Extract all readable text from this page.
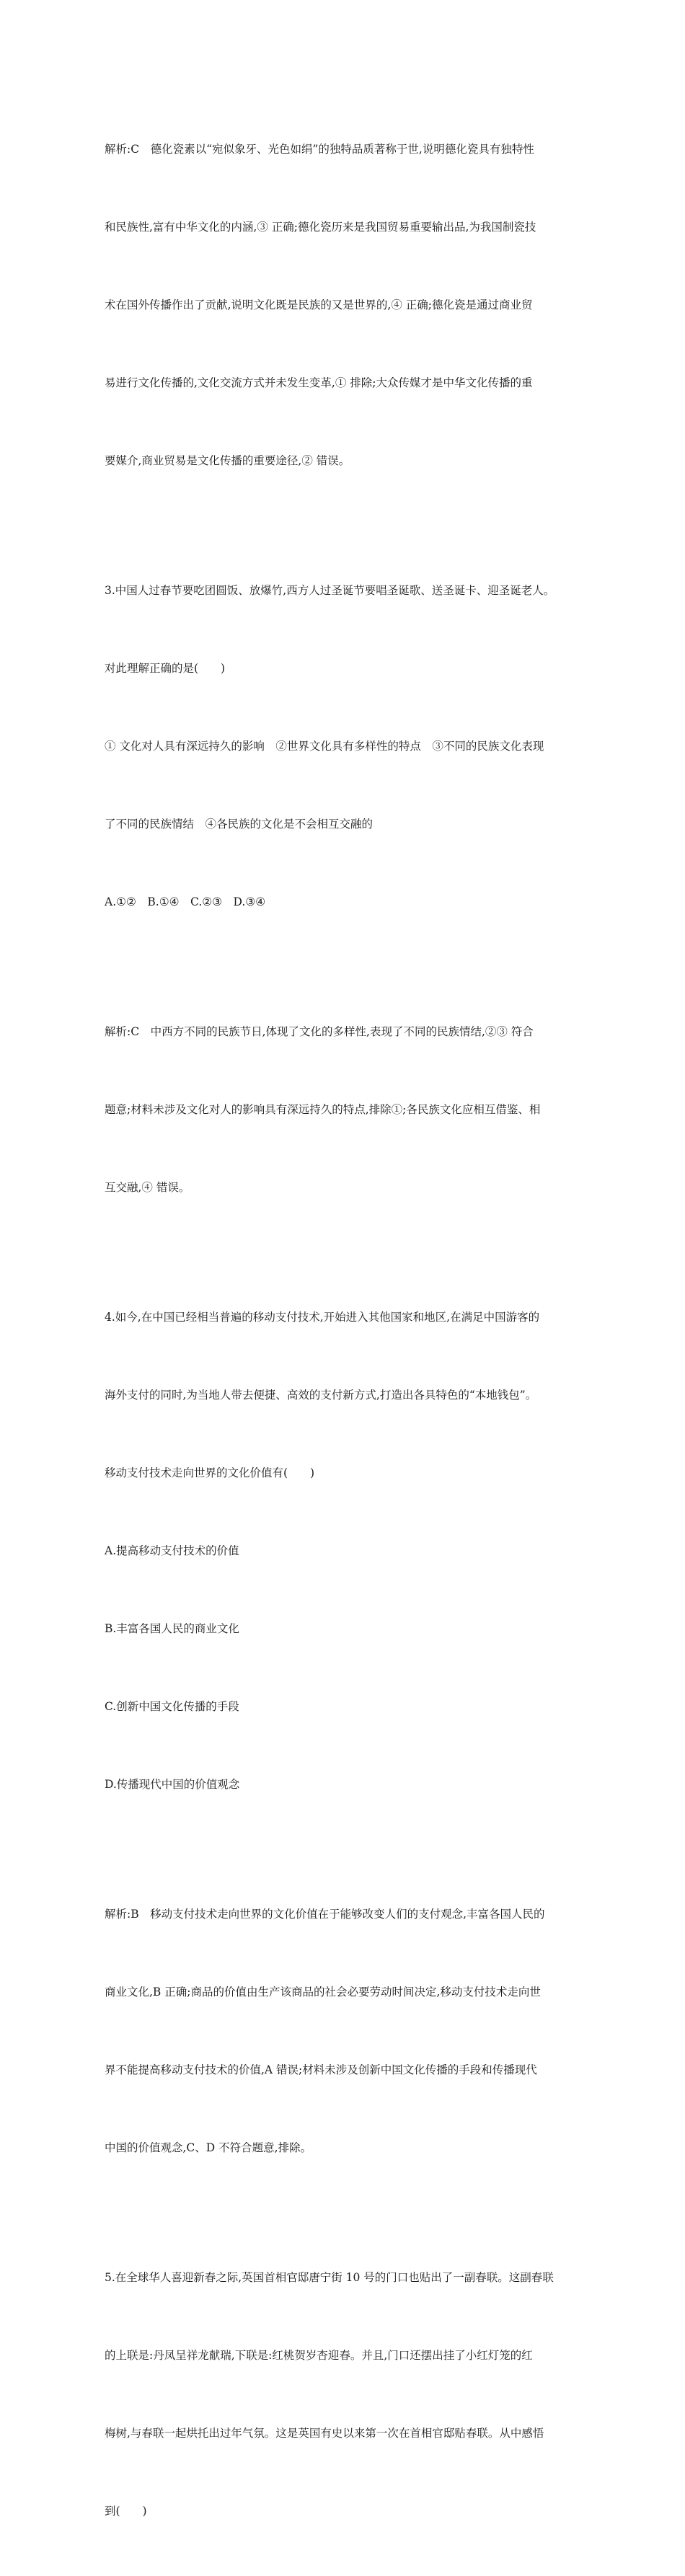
解析:C　德化瓷素以“宛似象牙、光色如绢”的独特品质著称于世,说明德化瓷具有独特性

和民族性,富有中华文化的内涵,③ 正确;德化瓷历来是我国贸易重要输出品,为我国制瓷技

术在国外传播作出了贡献,说明文化既是民族的又是世界的,④ 正确;德化瓷是通过商业贸

易进行文化传播的,文化交流方式并未发生变革,① 排除;大众传媒才是中华文化传播的重

要媒介,商业贸易是文化传播的重要途径,② 错误。

3.中国人过春节要吃团圆饭、放爆竹,西方人过圣诞节要唱圣诞歌、送圣诞卡、迎圣诞老人。

对此理解正确的是(　　)

① 文化对人具有深远持久的影响　②世界文化具有多样性的特点　③不同的民族文化表现

了不同的民族情结　④各民族的文化是不会相互交融的

A.①②　B.①④　C.②③　D.③④

解析:C　中西方不同的民族节日,体现了文化的多样性,表现了不同的民族情结,②③ 符合

题意;材料未涉及文化对人的影响具有深远持久的特点,排除①;各民族文化应相互借鉴、相

互交融,④ 错误。

4.如今,在中国已经相当普遍的移动支付技术,开始进入其他国家和地区,在满足中国游客的

海外支付的同时,为当地人带去便捷、高效的支付新方式,打造出各具特色的“本地钱包”。

移动支付技术走向世界的文化价值有(　　)

A.提高移动支付技术的价值

B.丰富各国人民的商业文化

C.创新中国文化传播的手段

D.传播现代中国的价值观念

解析:B　移动支付技术走向世界的文化价值在于能够改变人们的支付观念,丰富各国人民的

商业文化,B 正确;商品的价值由生产该商品的社会必要劳动时间决定,移动支付技术走向世

界不能提高移动支付技术的价值,A 错误;材料未涉及创新中国文化传播的手段和传播现代

中国的价值观念,C、D 不符合题意,排除。

5.在全球华人喜迎新春之际,英国首相官邸唐宁街 10 号的门口也贴出了一副春联。这副春联

的上联是:丹凤呈祥龙献瑞,下联是:红桃贺岁杏迎春。并且,门口还摆出挂了小红灯笼的红

梅树,与春联一起烘托出过年气氛。这是英国有史以来第一次在首相官邸贴春联。从中感悟

到(　　)
